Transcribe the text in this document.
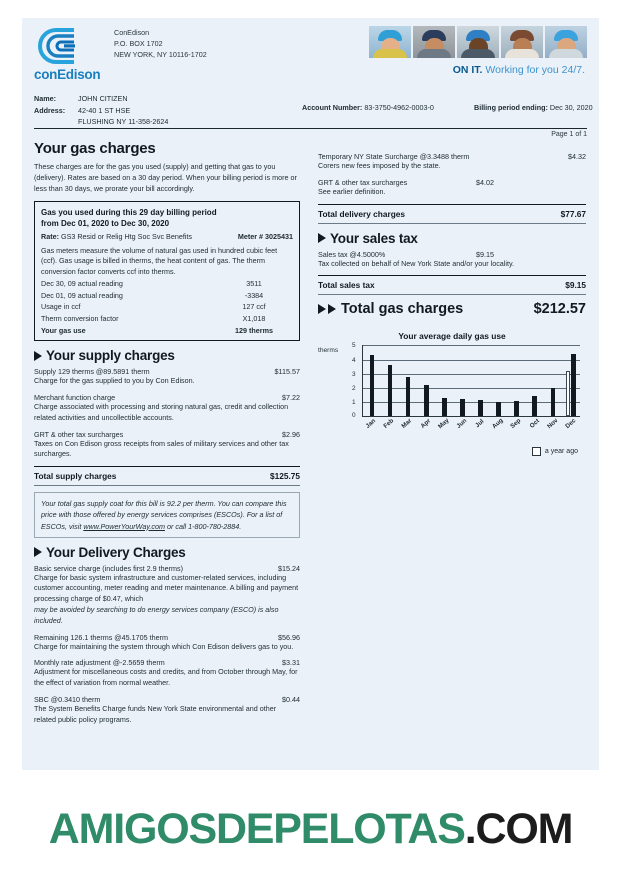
conEdison
ConEdison
P.O. BOX 1702
NEW YORK, NY 10116-1702
ON IT. Working for you 24/7.
Name:	JOHN CITIZEN
Address:	42-40 1 ST HSE
FLUSHING NY 11-358-2624
Account Number: 83-3750-4962-0003-0	Billing period ending: Dec 30, 2020
Page 1 of 1
Your gas charges

These charges are for the gas you used (supply) and getting that gas to you (delivery). Rates are based on a 30 day period. When your billing period is more or less than 30 days, we prorate your bill accordingly.

Gas you used during this 29 day billing period
from Dec 01, 2020 to Dec 30, 2020
Rate: GS3 Resid or Relig Htg Soc Svc Benefits	Meter # 3025431
Gas meters measure the volume of natural gas used in hundred cubic feet (ccf). Gas usage is billed in therms, the heat content of gas. The therm conversion factor converts ccf into therms.
Dec 30, 09 actual reading	3511
Dec 01, 09 actual reading	-3384
Usage in ccf	127 ccf
Therm conversion factor	X1,018
Your gas use	129 therms
Your supply charges
Supply 129 therms @89.5891 therm	$115.57
Charge for the gas supplied to you by Con Edison.
Merchant function charge	$7.22
Charge associated with processing and storing natural gas, credit and collection related activities and uncollectible accounts.
GRT & other tax surcharges	$2.96
Taxes on Con Edison gross receipts from sales of military services and other tax surcharges.
Total supply charges	$125.75
Your total gas supply coat for this bill is 92.2 per therm. You can compare this price with those offered by energy services comprises (ESCOs). For a list of ESCOs, visit www.PowerYourWay.com or call 1-800-780-2884.
Your Delivery Charges
Basic service charge (includes first 2.9 therms)	$15.24
Charge for basic system infrastructure and customer-related services, including customer accounting, meter reading and meter maintenance. A billing and payment processing charge of $0.47, which
may be avoided by searching to do energy services company (ESCO) is also included.
Remaining 126.1 therms @45.1705 therm	$56.96
Charge for maintaining the system through which Con Edison delivers gas to you.
Monthly rate adjustment @-2.5659 therm	$3.31
Adjustment for miscellaneous costs and credits, and from October through May, for the effect of variation from normal weather.
SBC @0.3410 therm	$0.44
The System Benefits Charge funds New York State environmental and other related public policy programs.
Temporary NY State Surcharge @3.3488 therm	$4.32
Corers new fees imposed by the state.
GRT & other tax surcharges	$4.02
See earlier definition.
Total delivery charges	$77.67
Your sales tax
Sales tax @4.5000%	$9.15
Tax collected on behalf of New York State and/or your locality.
Total sales tax	$9.15
Total gas charges	$212.57
Your average daily gas use
therms
5
4
3
2
1
0
Jan Feb Mar Apr May Jun Jul Aug Sep Oct Nov Dec
a year ago
AMIGOSDEPELOTAS.COM
